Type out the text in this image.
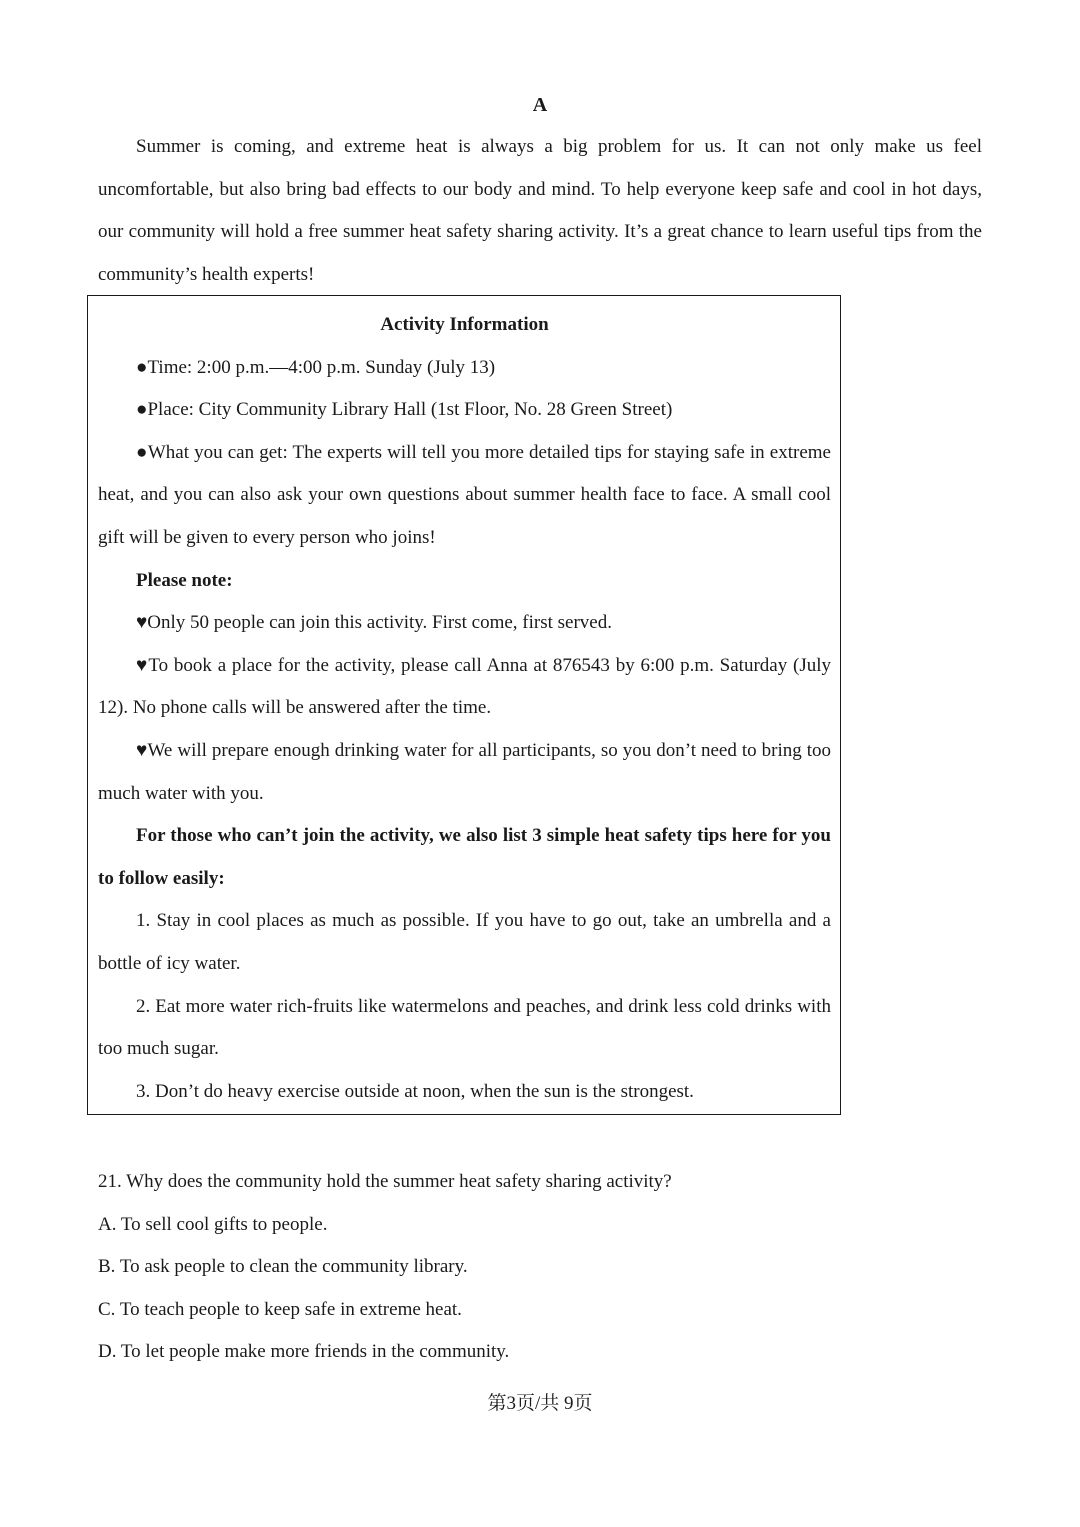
A

Summer is coming, and extreme heat is always a big problem for us. It can not only make us feel uncomfortable, but also bring bad effects to our body and mind. To help everyone keep safe and cool in hot days, our community will hold a free summer heat safety sharing activity. It’s a great chance to learn useful tips from the community’s health experts!

Activity Information

●Time: 2:00 p.m.—4:00 p.m. Sunday (July 13)

●Place: City Community Library Hall (1st Floor, No. 28 Green Street)

●What you can get: The experts will tell you more detailed tips for staying safe in extreme heat, and you can also ask your own questions about summer health face to face. A small cool gift will be given to every person who joins!

Please note:

♥Only 50 people can join this activity. First come, first served.

♥To book a place for the activity, please call Anna at 876543 by 6:00 p.m. Saturday (July 12). No phone calls will be answered after the time.

♥We will prepare enough drinking water for all participants, so you don’t need to bring too much water with you.

For those who can’t join the activity, we also list 3 simple heat safety tips here for you to follow easily:

1. Stay in cool places as much as possible. If you have to go out, take an umbrella and a bottle of icy water.

2. Eat more water rich-fruits like watermelons and peaches, and drink less cold drinks with too much sugar.

3. Don’t do heavy exercise outside at noon, when the sun is the strongest.

21. Why does the community hold the summer heat safety sharing activity?

A. To sell cool gifts to people.

B. To ask people to clean the community library.

C. To teach people to keep safe in extreme heat.

D. To let people make more friends in the community.

第3页/共 9页
